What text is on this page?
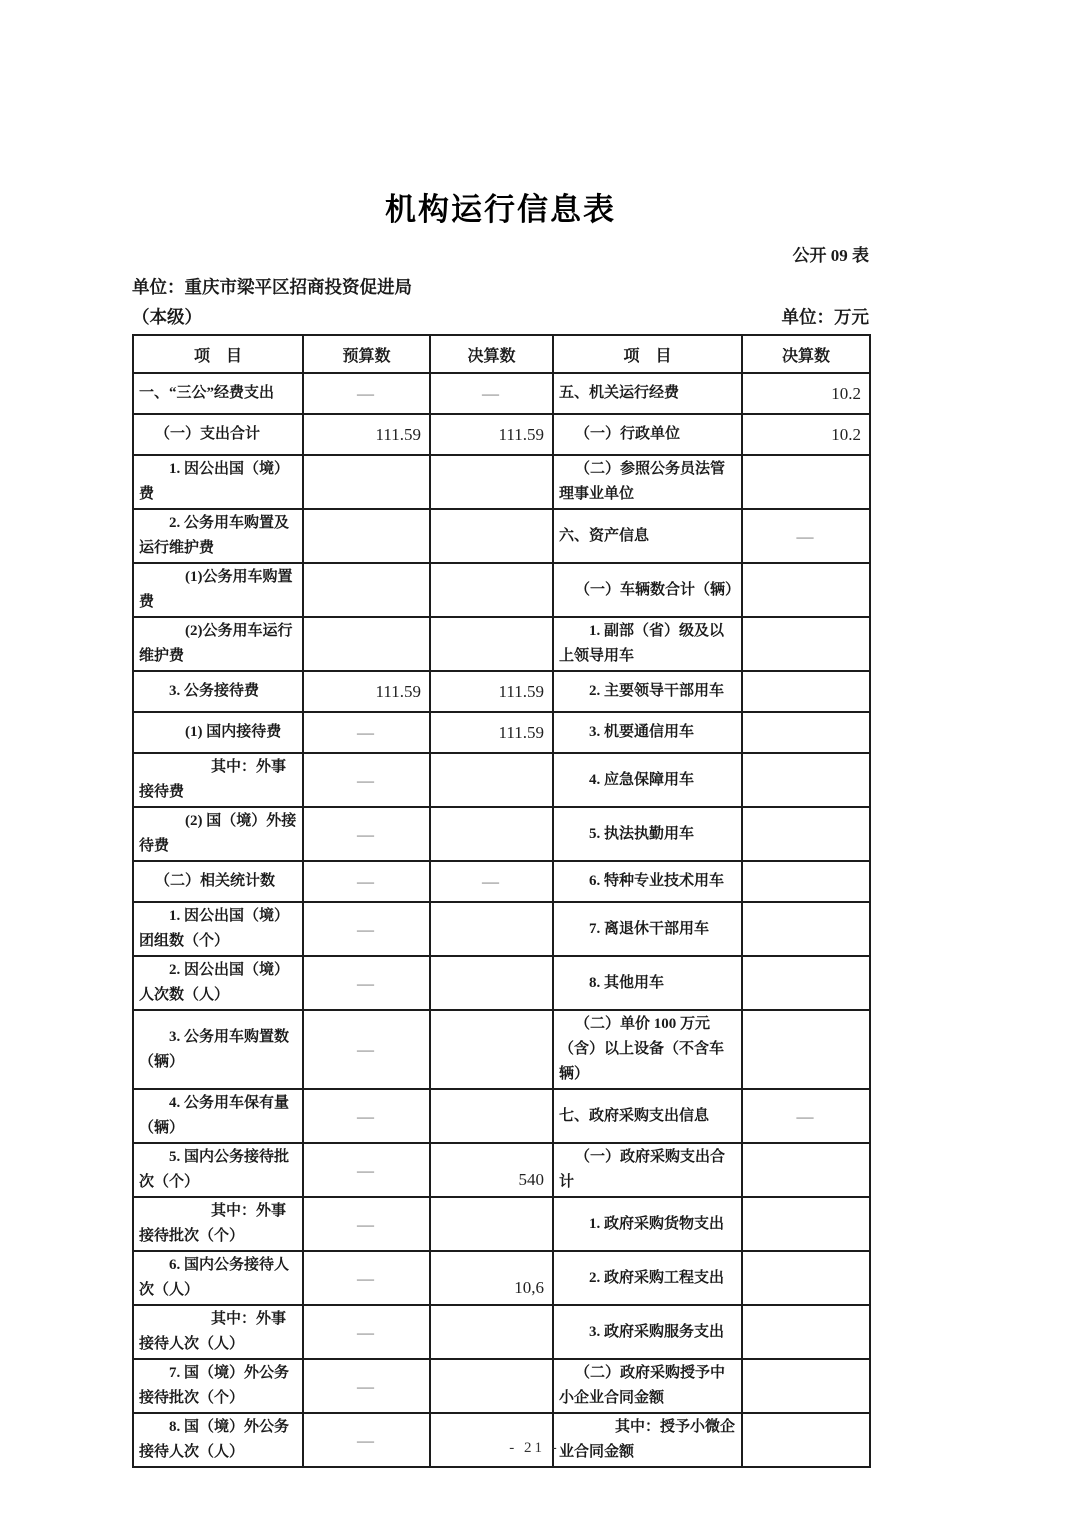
机构运行信息表
公开 09 表
单位：重庆市梁平区招商投资促进局
（本级）	单位：万元
项　目	预算数	决算数	项　目	决算数
一、“三公”经费支出	—	—	五、机关运行经费	10.2
（一）支出合计	111.59	111.59	（一）行政单位	10.2
1. 因公出国（境）费			（二）参照公务员法管理事业单位	
2. 公务用车购置及运行维护费			六、资产信息	—
(1)公务用车购置费			（一）车辆数合计（辆）	
(2)公务用车运行维护费			1. 副部（省）级及以上领导用车	
3. 公务接待费	111.59	111.59	2. 主要领导干部用车	
(1) 国内接待费	—	111.59	3. 机要通信用车	
其中：外事接待费	—		4. 应急保障用车	
(2) 国（境）外接待费	—		5. 执法执勤用车	
（二）相关统计数	—	—	6. 特种专业技术用车	
1. 因公出国（境）团组数（个）	—		7. 离退休干部用车	
2. 因公出国（境）人次数（人）	—		8. 其他用车	
3. 公务用车购置数（辆）	—		（二）单价 100 万元（含）以上设备（不含车辆）	
4. 公务用车保有量（辆）	—		七、政府采购支出信息	—
5. 国内公务接待批次（个）	—	540	（一）政府采购支出合计	
其中：外事接待批次（个）	—		1. 政府采购货物支出	
6. 国内公务接待人次（人）	—	10,6	2. 政府采购工程支出	
其中：外事接待人次（人）	—		3. 政府采购服务支出	
7. 国（境）外公务接待批次（个）	—		（二）政府采购授予中小企业合同金额	
8. 国（境）外公务接待人次（人）	—		其中：授予小微企业合同金额	
- 21 -
